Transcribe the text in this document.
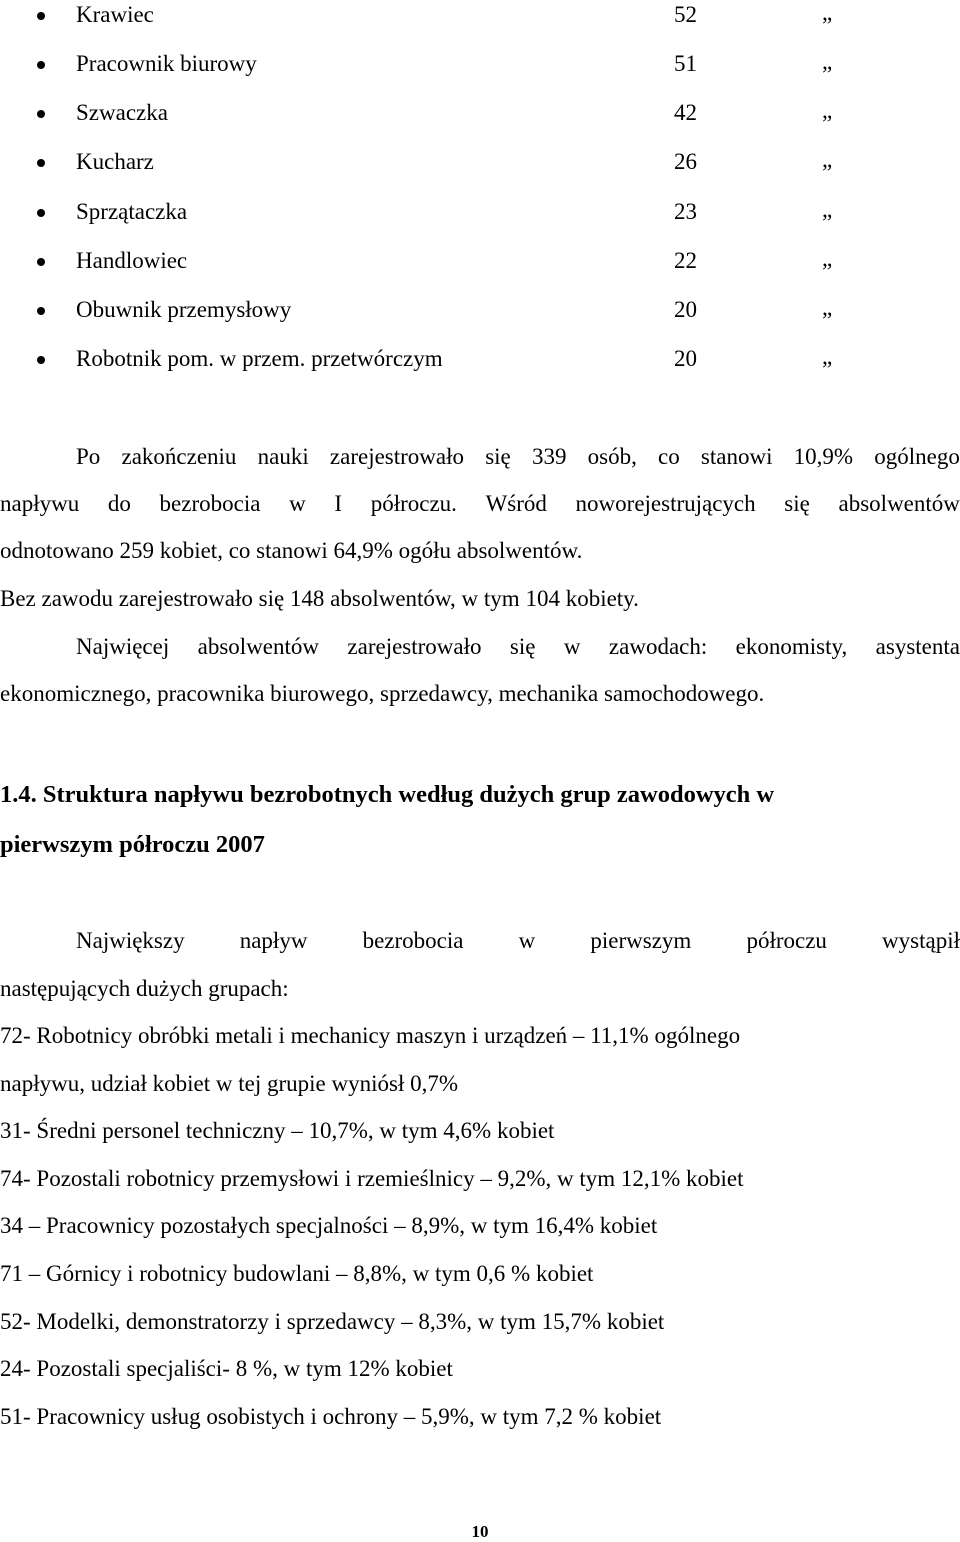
Krawiec	52	„
Pracownik biurowy	51	„
Szwaczka	42	„
Kucharz	26	„
Sprzątaczka	23	„
Handlowiec	22	„
Obuwnik przemysłowy	20	„
Robotnik pom. w przem. przetwórczym	20	„
Po zakończeniu nauki zarejestrowało się 339 osób, co stanowi 10,9% ogólnego
napływu do bezrobocia w I półroczu. Wśród noworejestrujących się absolwentów
odnotowano 259 kobiet, co stanowi 64,9% ogółu absolwentów.
Bez zawodu zarejestrowało się 148 absolwentów, w tym 104 kobiety.
Najwięcej absolwentów zarejestrowało się w zawodach: ekonomisty, asystenta
ekonomicznego, pracownika biurowego, sprzedawcy, mechanika samochodowego.
1.4. Struktura napływu bezrobotnych według dużych grup zawodowych w
pierwszym półroczu 2007
Największy napływ bezrobocia w pierwszym półroczu wystąpił
następujących dużych grupach:
72- Robotnicy obróbki metali i mechanicy maszyn i urządzeń – 11,1% ogólnego
napływu, udział kobiet w tej grupie wyniósł 0,7%
31- Średni personel techniczny – 10,7%, w tym 4,6% kobiet
74- Pozostali robotnicy przemysłowi i rzemieślnicy – 9,2%, w tym 12,1% kobiet
34 – Pracownicy pozostałych specjalności – 8,9%, w tym 16,4% kobiet
71 – Górnicy i robotnicy budowlani – 8,8%, w tym 0,6 % kobiet
52- Modelki, demonstratorzy i sprzedawcy – 8,3%, w tym 15,7% kobiet
24- Pozostali specjaliści- 8 %, w tym 12% kobiet
51- Pracownicy usług osobistych i ochrony – 5,9%, w tym 7,2 % kobiet
10
